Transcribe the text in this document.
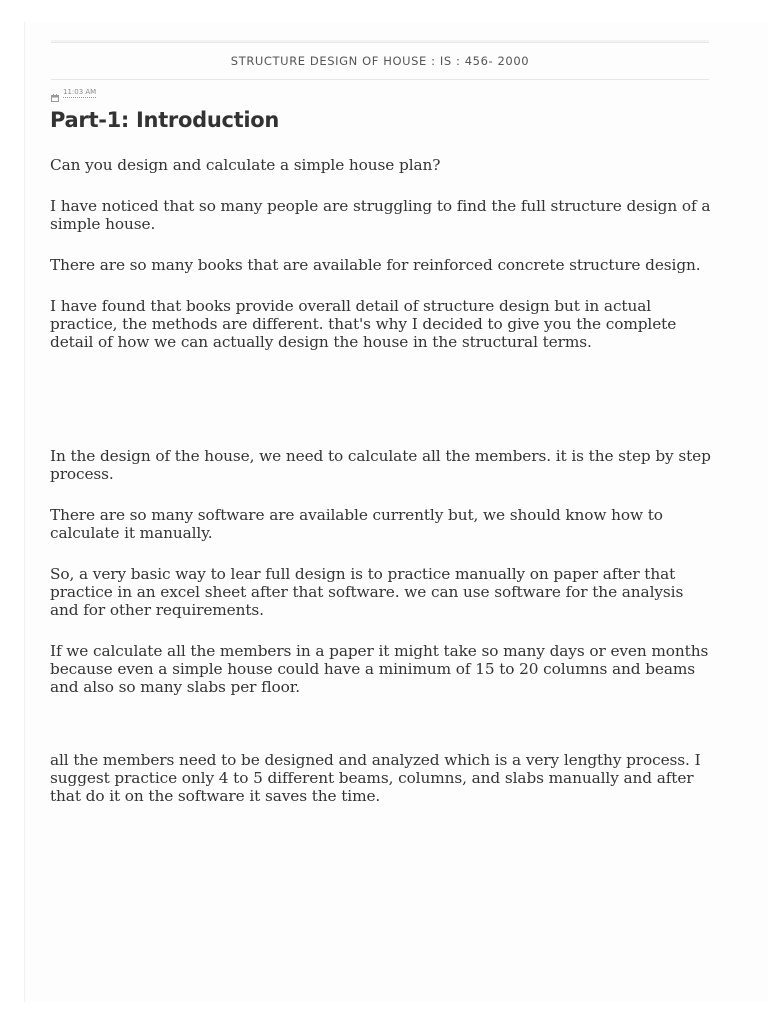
STRUCTURE DESIGN OF HOUSE : IS : 456- 2000
11:03 AM
Part-1: Introduction

Can you design and calculate a simple house plan?

I have noticed that so many people are struggling to find the full structure design of a simple house.

There are so many books that are available for reinforced concrete structure design.

I have found that books provide overall detail of structure design but in actual practice, the methods are different. that's why I decided to give you the complete detail of how we can actually design the house in the structural terms.

In the design of the house, we need to calculate all the members. it is the step by step process.

There are so many software are available currently but, we should know how to calculate it manually.

So, a very basic way to lear full design is to practice manually on paper after that practice in an excel sheet after that software. we can use software for the analysis and for other requirements.

If we calculate all the members in a paper it might take so many days or even months because even a simple house could have a minimum of 15 to 20 columns and beams and also so many slabs per floor.

all the members need to be designed and analyzed which is a very lengthy process. I suggest practice only 4 to 5 different beams, columns, and slabs manually and after that do it on the software it saves the time.
